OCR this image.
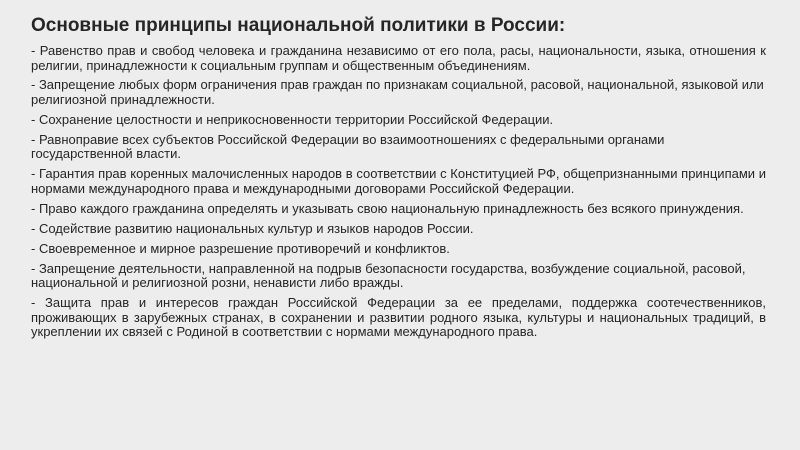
Основные принципы национальной политики в России:
- Равенство прав и свобод человека и гражданина независимо от его пола, расы, национальности, языка, отношения к религии, принадлежности к социальным группам и общественным объединениям.
- Запрещение любых форм ограничения прав граждан по признакам социальной, расовой, национальной, языковой или религиозной принадлежности.
- Сохранение целостности и неприкосновенности территории Российской Федерации.
- Равноправие всех субъектов Российской Федерации во взаимоотношениях с федеральными органами государственной власти.
- Гарантия прав коренных малочисленных народов в соответствии с Конституцией РФ, общепризнанными принципами и нормами международного права и международными договорами Российской Федерации.
- Право каждого гражданина определять и указывать свою национальную принадлежность без всякого принуждения.
- Содействие развитию национальных культур и языков народов России.
- Своевременное и мирное разрешение противоречий и конфликтов.
- Запрещение деятельности, направленной на подрыв безопасности государства, возбуждение социальной, расовой, национальной и религиозной розни, ненависти либо вражды.
- Защита прав и интересов граждан Российской Федерации за ее пределами, поддержка соотечественников, проживающих в зарубежных странах, в сохранении и развитии родного языка, культуры и национальных традиций, в укреплении их связей с Родиной в соответствии с нормами международного права.
